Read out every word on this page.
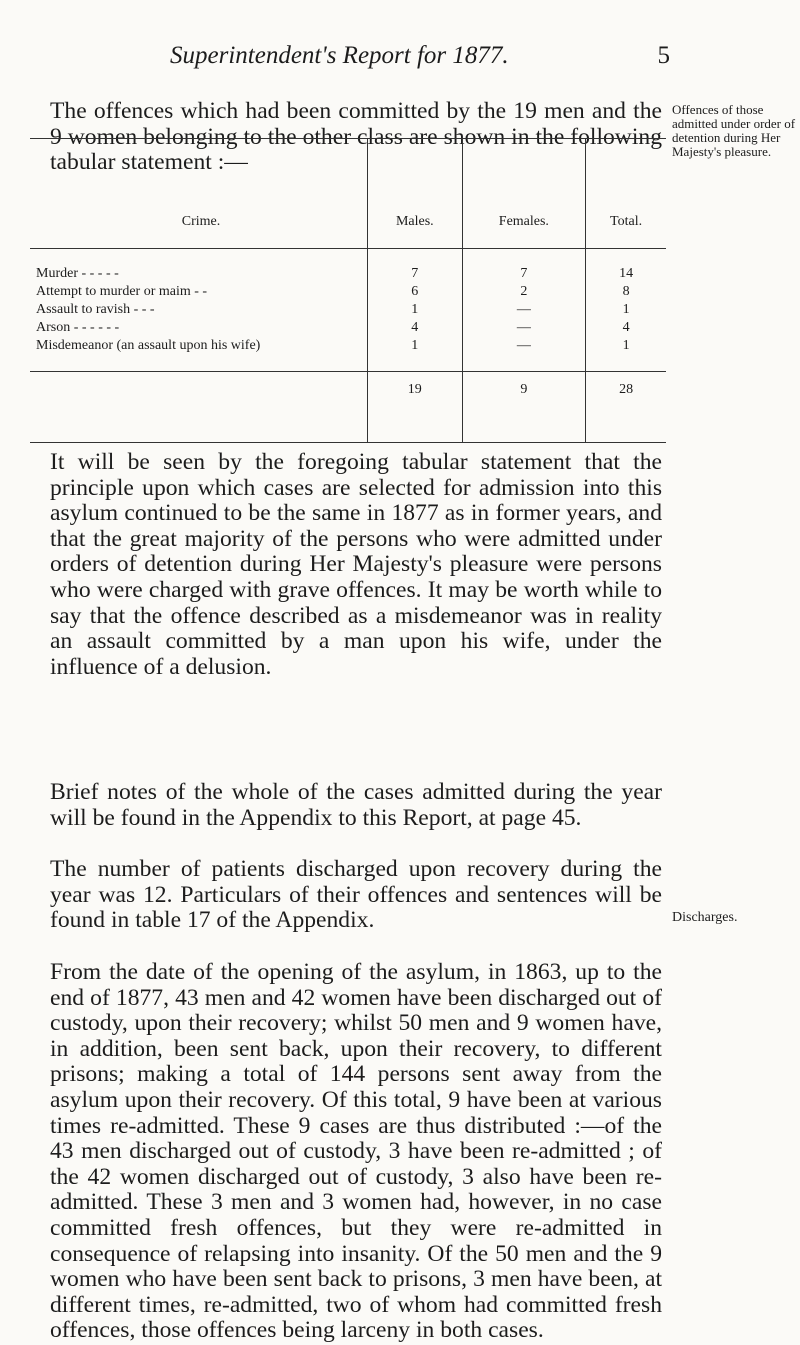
Superintendent's Report for 1877.	5

The offences which had been committed by the 19 men and the 9 women belonging to the other class are shown in the following tabular statement :—

Offences of those admitted under order of detention during Her Majesty's pleasure.
Crime.	Males.	Females.	Total.
Murder - - - - -	7	7	14
Attempt to murder or maim - -	6	2	8
Assault to ravish - - -	1	—	1
Arson - - - - - -	4	—	4
Misdemeanor (an assault upon his wife)	1	—	1

	19	9	28

It will be seen by the foregoing tabular statement that the principle upon which cases are selected for admission into this asylum continued to be the same in 1877 as in former years, and that the great majority of the persons who were admitted under orders of detention during Her Majesty's pleasure were persons who were charged with grave offences. It may be worth while to say that the offence described as a misdemeanor was in reality an assault committed by a man upon his wife, under the influence of a delusion.

Brief notes of the whole of the cases admitted during the year will be found in the Appendix to this Report, at page 45.

The number of patients discharged upon recovery during the year was 12. Particulars of their offences and sentences will be found in table 17 of the Appendix.	Discharges.

From the date of the opening of the asylum, in 1863, up to the end of 1877, 43 men and 42 women have been discharged out of custody, upon their recovery; whilst 50 men and 9 women have, in addition, been sent back, upon their recovery, to different prisons; making a total of 144 persons sent away from the asylum upon their recovery. Of this total, 9 have been at various times re-admitted. These 9 cases are thus distributed :—of the 43 men discharged out of custody, 3 have been re-admitted ; of the 42 women discharged out of custody, 3 also have been re-admitted. These 3 men and 3 women had, however, in no case committed fresh offences, but they were re-admitted in consequence of relapsing into insanity. Of the 50 men and the 9 women who have been sent back to prisons, 3 men have been, at different times, re-admitted, two of whom had committed fresh offences, those offences being larceny in both cases.
